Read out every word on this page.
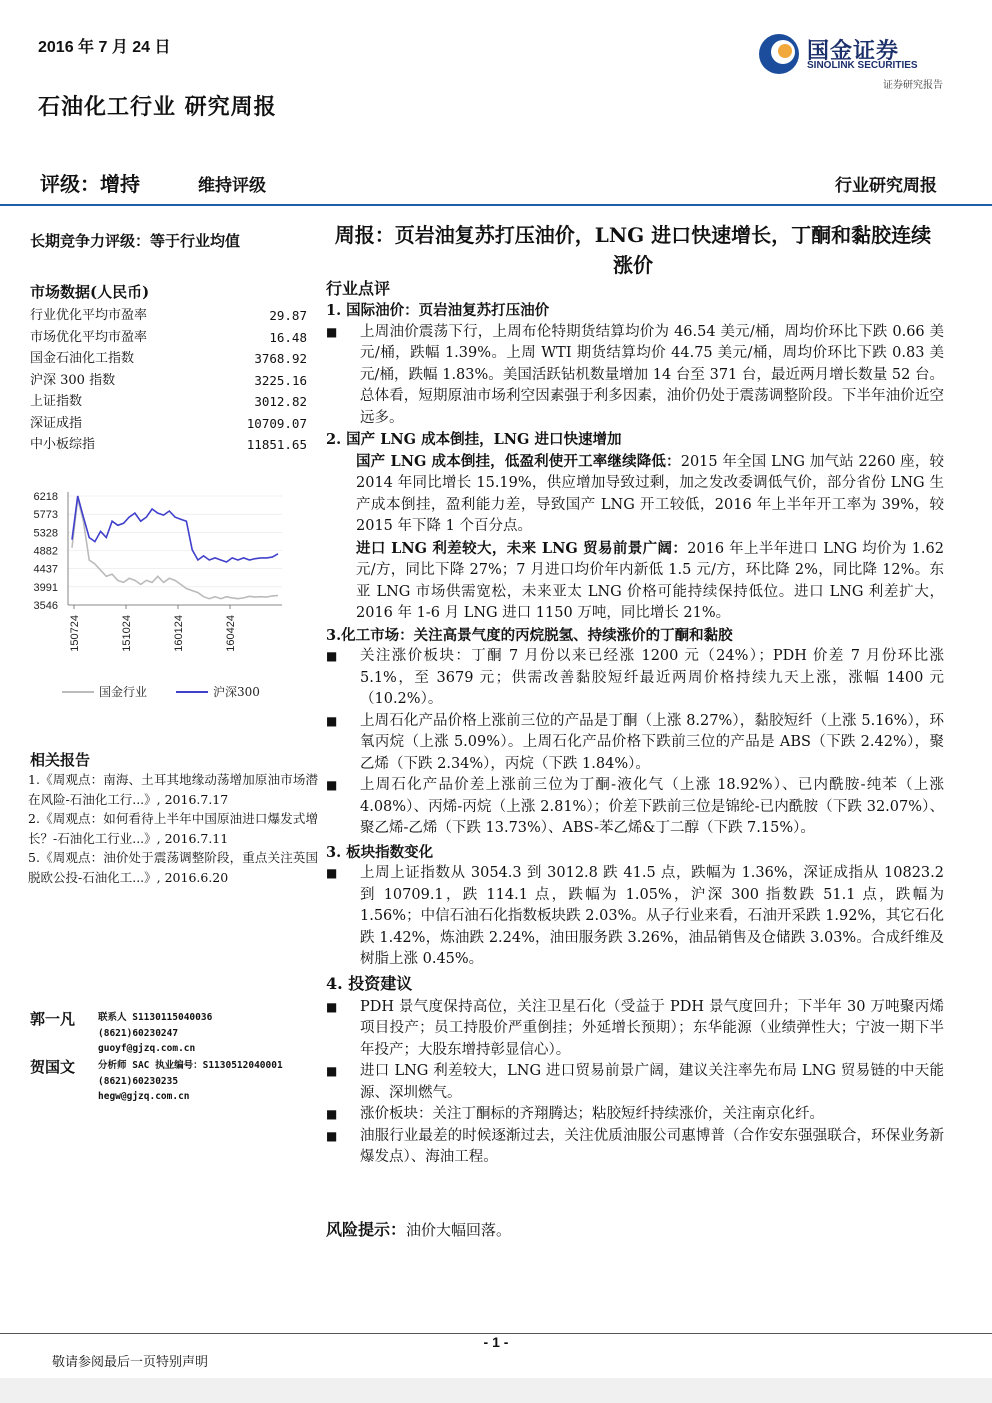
2016 年 7 月 24 日
石油化工行业 研究周报
国金证券
SINOLINK SECURITIES
证券研究报告
评级：增持	维持评级	行业研究周报
长期竞争力评级：等于行业均值
市场数据(人民币)
行业优化平均市盈率	29.87
市场优化平均市盈率	16.48
国金石油化工指数	3768.92
沪深 300 指数	3225.16
上证指数	3012.82
深证成指	10709.07
中小板综指	11851.65
6218
5773
5328
4882
4437
3991
3546
150724	151024	160124	160424
国金行业	沪深300
相关报告
1.《周观点：南海、土耳其地缘动荡增加原油市场潜在风险-石油化工行...》, 2016.7.17
2.《周观点：如何看待上半年中国原油进口爆发式增长？-石油化工行业...》, 2016.7.11
5.《周观点：油价处于震荡调整阶段，重点关注英国脱欧公投-石油化工...》, 2016.6.20
郭一凡 联系人 S1130115040036
(8621)60230247
guoyf@gjzq.com.cn
贺国文 分析师 SAC 执业编号：S1130512040001
(8621)60230235
hegw@gjzq.com.cn
周报：页岩油复苏打压油价，LNG 进口快速增长，丁酮和黏胶连续涨价
行业点评
1. 国际油价：页岩油复苏打压油价
■	上周油价震荡下行，上周布伦特期货结算均价为 46.54 美元/桶，周均价环比下跌 0.66 美元/桶，跌幅 1.39%。上周 WTI 期货结算均价 44.75 美元/桶，周均价环比下跌 0.83 美元/桶，跌幅 1.83%。美国活跃钻机数量增加 14 台至 371 台，最近两月增长数量 52 台。总体看，短期原油市场利空因素强于利多因素，油价仍处于震荡调整阶段。下半年油价近空远多。
2. 国产 LNG 成本倒挂，LNG 进口快速增加
国产 LNG 成本倒挂，低盈利使开工率继续降低：2015 年全国 LNG 加气站 2260 座，较 2014 年同比增长 15.19%，供应增加导致过剩，加之发改委调低气价，部分省份 LNG 生产成本倒挂，盈利能力差，导致国产 LNG 开工较低，2016 年上半年开工率为 39%，较 2015 年下降 1 个百分点。
进口 LNG 利差较大，未来 LNG 贸易前景广阔：2016 年上半年进口 LNG 均价为 1.62 元/方，同比下降 27%；7 月进口均价年内新低 1.5 元/方，环比降 2%，同比降 12%。东亚 LNG 市场供需宽松，未来亚太 LNG 价格可能持续保持低位。进口 LNG 利差扩大，2016 年 1-6 月 LNG 进口 1150 万吨，同比增长 21%。
3.化工市场：关注高景气度的丙烷脱氢、持续涨价的丁酮和黏胶
■	关注涨价板块：丁酮 7 月份以来已经涨 1200 元（24%）；PDH 价差 7 月份环比涨 5.1%，至 3679 元；供需改善黏胶短纤最近两周价格持续九天上涨，涨幅 1400 元（10.2%）。
■	上周石化产品价格上涨前三位的产品是丁酮（上涨 8.27%），黏胶短纤（上涨 5.16%），环氧丙烷（上涨 5.09%）。上周石化产品价格下跌前三位的产品是 ABS（下跌 2.42%），聚乙烯（下跌 2.34%），丙烷（下跌 1.84%）。
■	上周石化产品价差上涨前三位为丁酮-液化气（上涨 18.92%）、已内酰胺-纯苯（上涨 4.08%）、丙烯-丙烷（上涨 2.81%）；价差下跌前三位是锦纶-已内酰胺（下跌 32.07%）、聚乙烯-乙烯（下跌 13.73%）、ABS-苯乙烯&丁二醇（下跌 7.15%）。
3. 板块指数变化
■	上周上证指数从 3054.3 到 3012.8 跌 41.5 点，跌幅为 1.36%，深证成指从 10823.2 到 10709.1，跌 114.1 点，跌幅为 1.05%，沪深 300 指数跌 51.1 点，跌幅为 1.56%；中信石油石化指数板块跌 2.03%。从子行业来看，石油开采跌 1.92%，其它石化跌 1.42%，炼油跌 2.24%，油田服务跌 3.26%，油品销售及仓储跌 3.03%。合成纤维及树脂上涨 0.45%。
4. 投资建议
■	PDH 景气度保持高位，关注卫星石化（受益于 PDH 景气度回升；下半年 30 万吨聚丙烯项目投产；员工持股价严重倒挂；外延增长预期）；东华能源（业绩弹性大；宁波一期下半年投产；大股东增持彰显信心）。
■	进口 LNG 利差较大，LNG 进口贸易前景广阔，建议关注率先布局 LNG 贸易链的中天能源、深圳燃气。
■	涨价板块：关注丁酮标的齐翔腾达；粘胶短纤持续涨价，关注南京化纤。
■	油服行业最差的时候逐渐过去，关注优质油服公司惠博普（合作安东强强联合，环保业务新爆发点）、海油工程。
风险提示：油价大幅回落。
- 1 -
敬请参阅最后一页特别声明
